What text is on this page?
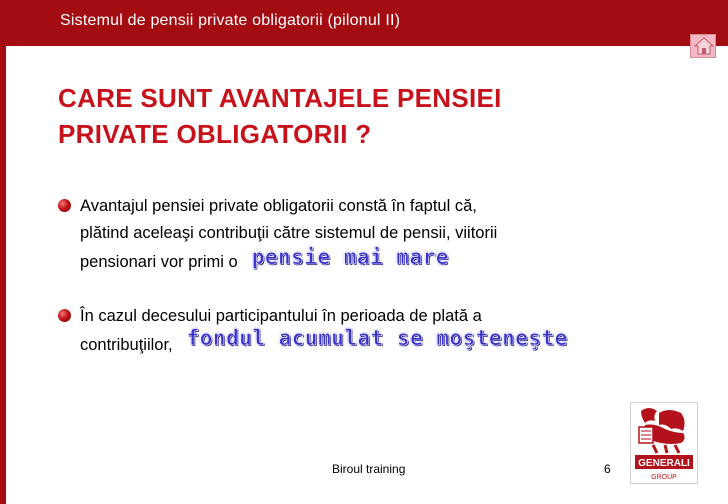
Sistemul de pensii private obligatorii (pilonul II)
CARE SUNT AVANTAJELE PENSIEI
PRIVATE OBLIGATORII ?
Avantajul pensiei private obligatorii constă în faptul că,
plătind aceleaşi contribuţii către sistemul de pensii, viitorii
pensionari vor primi o pensie mai mare
În cazul decesului participantului în perioada de plată a
contribuţiilor, fondul acumulat se moşteneşte
Biroul training	6	GENERALI
GROUP
